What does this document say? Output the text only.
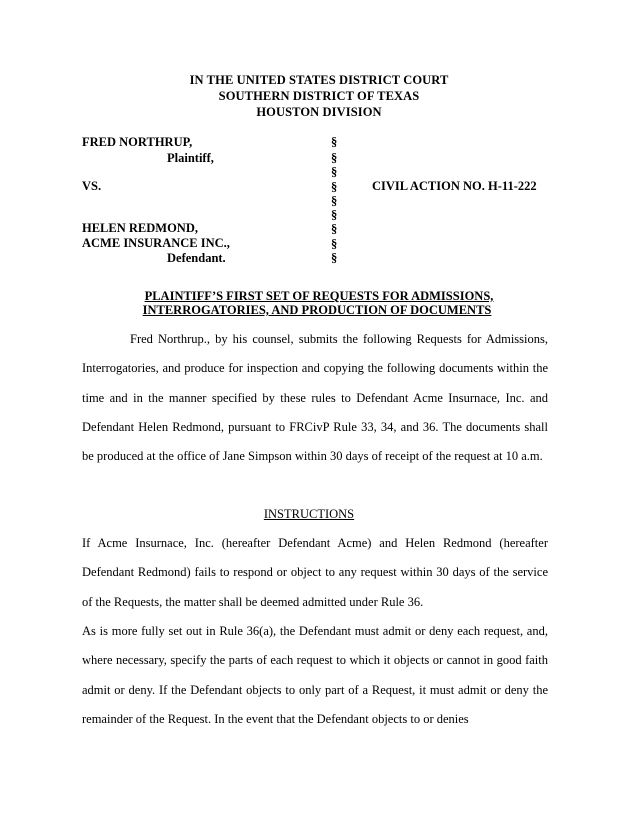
IN THE UNITED STATES DISTRICT COURT
SOUTHERN DISTRICT OF TEXAS
HOUSTON DIVISION
FRED NORTHRUP,
Plaintiff,
VS.
HELEN REDMOND,
ACME INSURANCE INC.,
Defendant.
§
§
§
§
§
§
§
§
§
CIVIL ACTION NO. H-11-222
PLAINTIFF’S FIRST SET OF REQUESTS FOR ADMISSIONS,
INTERROGATORIES, AND PRODUCTION OF DOCUMENTS

Fred Northrup., by his counsel, submits the following Requests for Admissions, Interrogatories, and produce for inspection and copying the following documents within the time and in the manner specified by these rules to Defendant Acme Insurnace, Inc. and Defendant Helen Redmond, pursuant to FRCivP Rule 33, 34, and 36. The documents shall be produced at the office of Jane Simpson within 30 days of receipt of the request at 10 a.m.

INSTRUCTIONS

If Acme Insurnace, Inc. (hereafter Defendant Acme) and Helen Redmond (hereafter Defendant Redmond) fails to respond or object to any request within 30 days of the service of the Requests, the matter shall be deemed admitted under Rule 36.

As is more fully set out in Rule 36(a), the Defendant must admit or deny each request, and, where necessary, specify the parts of each request to which it objects or cannot in good faith admit or deny. If the Defendant objects to only part of a Request, it must admit or deny the remainder of the Request. In the event that the Defendant objects to or denies
